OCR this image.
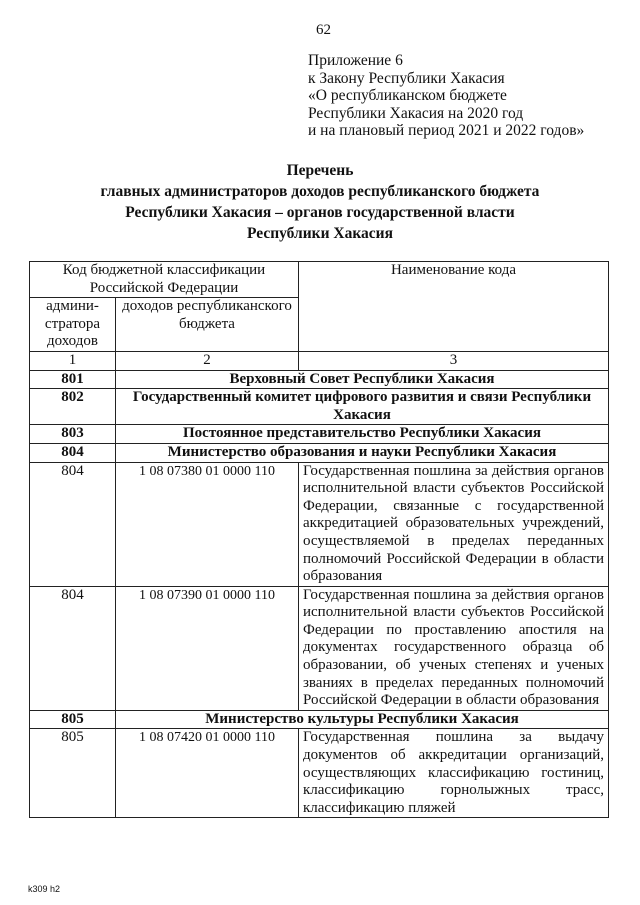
62
Приложение 6
к Закону Республики Хакасия
«О республиканском бюджете
Республики Хакасия на 2020 год
и на плановый период 2021 и 2022 годов»
Перечень
главных администраторов доходов республиканского бюджета
Республики Хакасия – органов государственной власти
Республики Хакасия
Код бюджетной классификации Российской Федерации		Наименование кода
админи-стратора доходов	доходов республиканского бюджета	
1	2	3
801	Верховный Совет Республики Хакасия	
802	Государственный комитет цифрового развития и связи Республики Хакасия	
803	Постоянное представительство Республики Хакасия	
804	Министерство образования и науки Республики Хакасия	
804	1 08 07380 01 0000 110	Государственная пошлина за действия органов исполнительной власти субъектов Российской Федерации, связанные с государственной аккредитацией образовательных учреждений, осуществляемой в пределах переданных полномочий Российской Федерации в области образования
804	1 08 07390 01 0000 110	Государственная пошлина за действия органов исполнительной власти субъектов Российской Федерации по проставлению апостиля на документах государственного образца об образовании, об ученых степенях и ученых званиях в пределах переданных полномочий Российской Федерации в области образования
805	Министерство культуры Республики Хакасия	
805	1 08 07420 01 0000 110	Государственная пошлина за выдачу документов об аккредитации организаций, осуществляющих классификацию гостиниц, классификацию горнолыжных трасс, классификацию пляжей
k309 h2
